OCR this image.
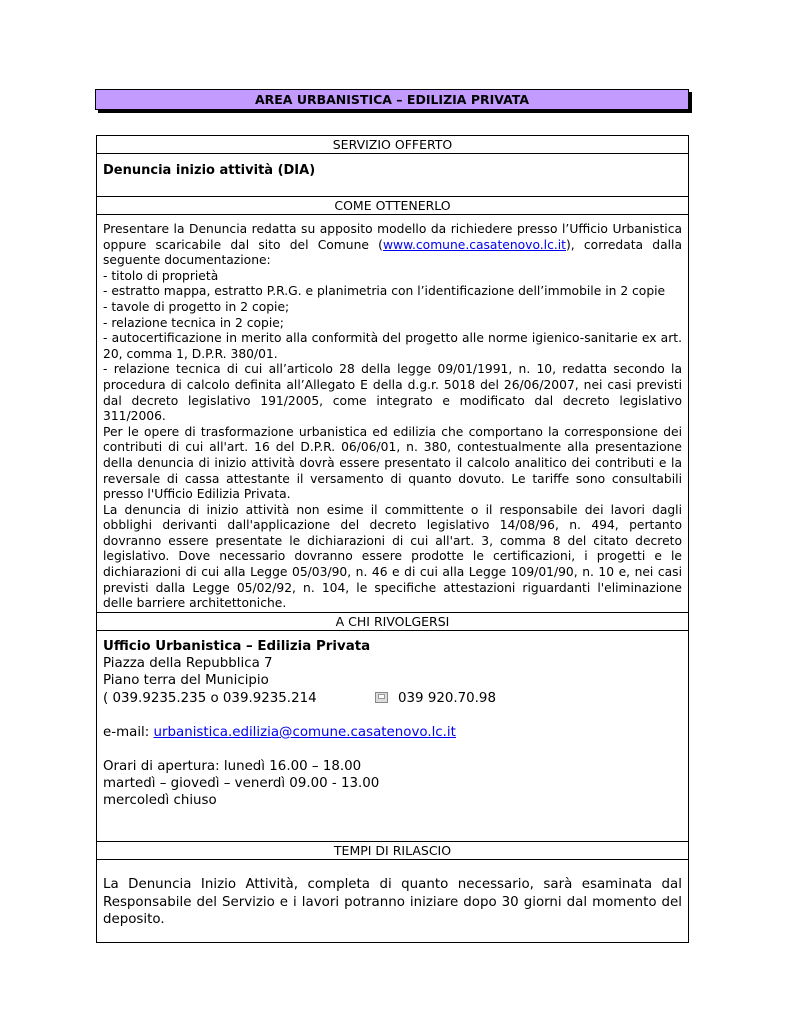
AREA URBANISTICA – EDILIZIA PRIVATA
SERVIZIO OFFERTO
Denuncia inizio attività (DIA)
COME OTTENERLO

Presentare la Denuncia redatta su apposito modello da richiedere presso l’Ufficio Urbanistica oppure scaricabile dal sito del Comune (www.comune.casatenovo.lc.it), corredata dalla seguente documentazione:

- titolo di proprietà

- estratto mappa, estratto P.R.G. e planimetria con l’identificazione dell’immobile in 2 copie

- tavole di progetto in 2 copie;

- relazione tecnica in 2 copie;

- autocertificazione in merito alla conformità del progetto alle norme igienico-sanitarie ex art. 20, comma 1, D.P.R. 380/01.

- relazione tecnica di cui all’articolo 28 della legge 09/01/1991, n. 10, redatta secondo la procedura di calcolo definita all’Allegato E della d.g.r. 5018 del 26/06/2007, nei casi previsti dal decreto legislativo 191/2005, come integrato e modificato dal decreto legislativo 311/2006.

Per le opere di trasformazione urbanistica ed edilizia che comportano la corresponsione dei contributi di cui all'art. 16 del D.P.R. 06/06/01, n. 380, contestualmente alla presentazione della denuncia di inizio attività dovrà essere presentato il calcolo analitico dei contributi e la reversale di cassa attestante il versamento di quanto dovuto. Le tariffe sono consultabili presso l'Ufficio Edilizia Privata.

La denuncia di inizio attività non esime il committente o il responsabile dei lavori dagli obblighi derivanti dall'applicazione del decreto legislativo 14/08/96, n. 494, pertanto dovranno essere presentate le dichiarazioni di cui all'art. 3, comma 8 del citato decreto legislativo. Dove necessario dovranno essere prodotte le certificazioni, i progetti e le dichiarazioni di cui alla Legge 05/03/90, n. 46 e di cui alla Legge 109/01/90, n. 10 e, nei casi previsti dalla Legge 05/02/92, n. 104, le specifiche attestazioni riguardanti l'eliminazione delle barriere architettoniche.

A CHI RIVOLGERSI
Ufficio Urbanistica – Edilizia Privata
Piazza della Repubblica 7
Piano terra del Municipio
( 039.9235.235 o 039.9235.214	039 920.70.98
e-mail: urbanistica.edilizia@comune.casatenovo.lc.it
Orari di apertura: lunedì 16.00 – 18.00
martedì – giovedì – venerdì 09.00 - 13.00
mercoledì chiuso
TEMPI DI RILASCIO
La Denuncia Inizio Attività, completa di quanto necessario, sarà esaminata dal Responsabile del Servizio e i lavori potranno iniziare dopo 30 giorni dal momento del deposito.
